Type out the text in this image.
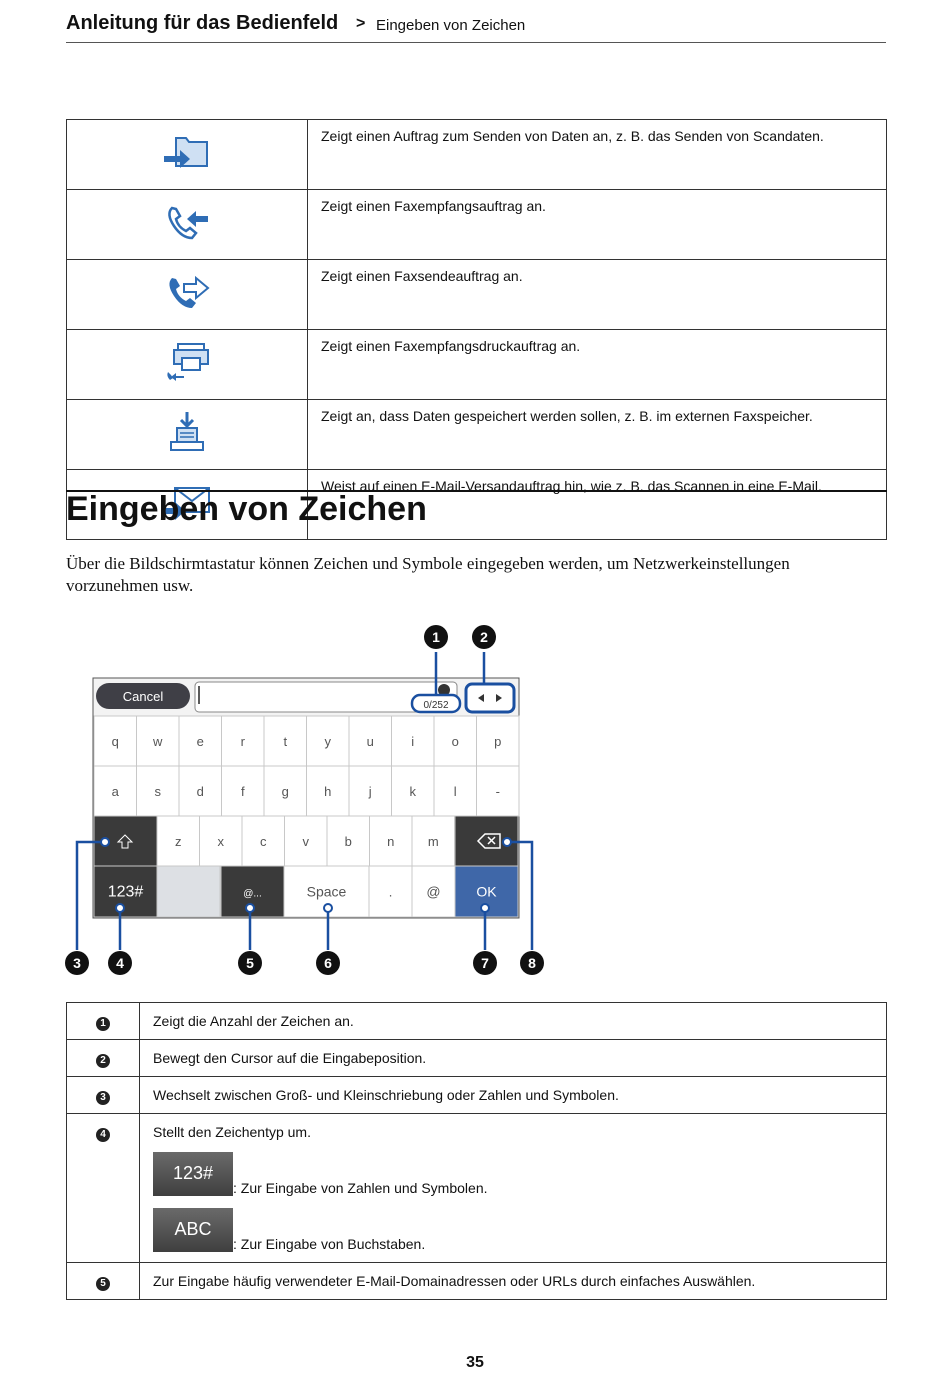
Anleitung für das Bedienfeld > Eingeben von Zeichen
	Zeigt einen Auftrag zum Senden von Daten an, z. B. das Senden von Scandaten.
	Zeigt einen Faxempfangsauftrag an.
	Zeigt einen Faxsendeauftrag an.
	Zeigt einen Faxempfangsdruckauftrag an.
	Zeigt an, dass Daten gespeichert werden sollen, z. B. im externen Faxspeicher.
	Weist auf einen E-Mail-Versandauftrag hin, wie z. B. das Scannen in eine E-Mail.
Eingeben von Zeichen

Über die Bildschirmtastatur können Zeichen und Symbole eingegeben werden, um Netzwerkeinstellungen vorzunehmen usw.

Cancel
0/252
q	w	e	r	t	y	u	i	o	p
a	s	d	f	g	h	j	k	l	-
z	x	c	v	b	n	m
123#	@...	Space	. @	OK
1	2
3	4	5	6	7	8
1	Zeigt die Anzahl der Zeichen an.
2	Bewegt den Cursor auf die Eingabeposition.
3	Wechselt zwischen Groß- und Kleinschriebung oder Zahlen und Symbolen.
4	Stellt den Zeichentyp um.
123#
: Zur Eingabe von Zahlen und Symbolen.
ABC
: Zur Eingabe von Buchstaben.

5	Zur Eingabe häufig verwendeter E-Mail-Domainadressen oder URLs durch einfaches Auswählen.
35
